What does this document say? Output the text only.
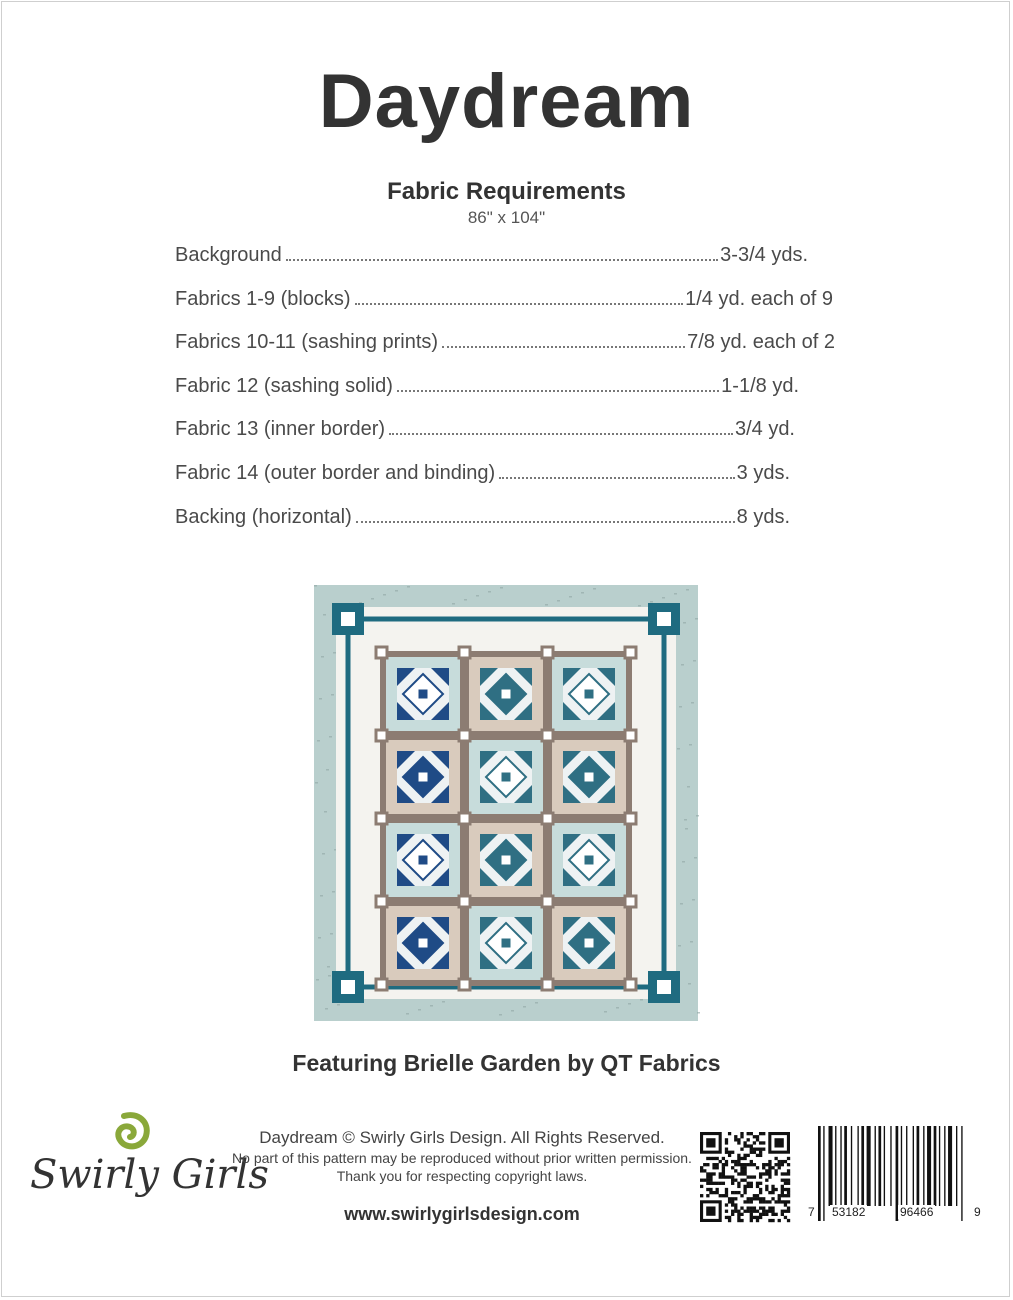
Daydream
Fabric Requirements
86" x 104"
Background	3-3/4 yds.
Fabrics 1-9 (blocks)	1/4 yd. each of 9
Fabrics 10-11 (sashing prints)	7/8 yd. each of 2
Fabric 12 (sashing solid)	1-1/8 yd.
Fabric 13 (inner border)	3/4 yd.
Fabric 14 (outer border and binding)	3 yds.
Backing (horizontal)	8 yds.
Featuring Brielle Garden by QT Fabrics
Swirly Girls
Daydream © Swirly Girls Design. All Rights Reserved.
No part of this pattern may be reproduced without prior written permission.
Thank you for respecting copyright laws.
www.swirlygirlsdesign.com	7 53182	96466	9
